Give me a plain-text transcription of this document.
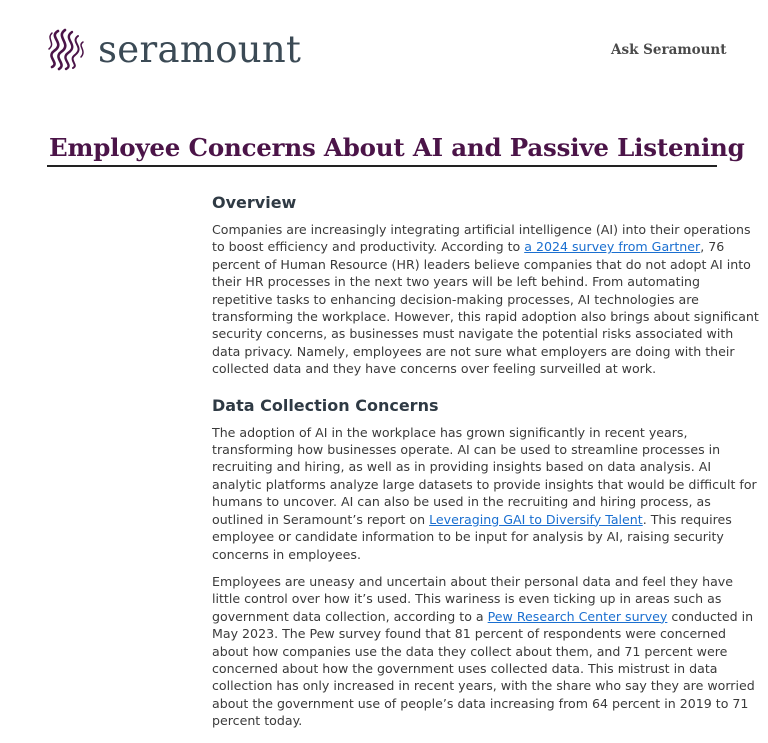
seramount	Ask Seramount
Employee Concerns About AI and Passive Listening
Overview

Companies are increasingly integrating artificial intelligence (AI) into their operations
to boost efficiency and productivity. According to a 2024 survey from Gartner, 76
percent of Human Resource (HR) leaders believe companies that do not adopt AI into
their HR processes in the next two years will be left behind. From automating
repetitive tasks to enhancing decision-making processes, AI technologies are
transforming the workplace. However, this rapid adoption also brings about significant
security concerns, as businesses must navigate the potential risks associated with
data privacy. Namely, employees are not sure what employers are doing with their
collected data and they have concerns over feeling surveilled at work.

Data Collection Concerns

The adoption of AI in the workplace has grown significantly in recent years,
transforming how businesses operate. AI can be used to streamline processes in
recruiting and hiring, as well as in providing insights based on data analysis. AI
analytic platforms analyze large datasets to provide insights that would be difficult for
humans to uncover. AI can also be used in the recruiting and hiring process, as
outlined in Seramount’s report on Leveraging GAI to Diversify Talent. This requires
employee or candidate information to be input for analysis by AI, raising security
concerns in employees.

Employees are uneasy and uncertain about their personal data and feel they have
little control over how it’s used. This wariness is even ticking up in areas such as
government data collection, according to a Pew Research Center survey conducted in
May 2023. The Pew survey found that 81 percent of respondents were concerned
about how companies use the data they collect about them, and 71 percent were
concerned about how the government uses collected data. This mistrust in data
collection has only increased in recent years, with the share who say they are worried
about the government use of people’s data increasing from 64 percent in 2019 to 71
percent today.
